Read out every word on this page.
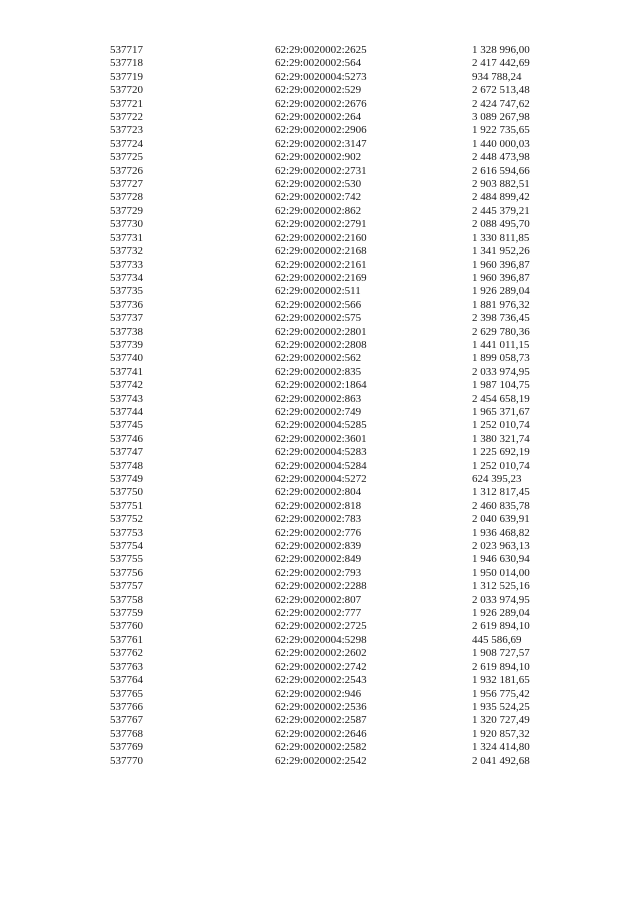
537717	62:29:0020002:2625	1 328 996,00
537718	62:29:0020002:564	2 417 442,69
537719	62:29:0020004:5273	934 788,24
537720	62:29:0020002:529	2 672 513,48
537721	62:29:0020002:2676	2 424 747,62
537722	62:29:0020002:264	3 089 267,98
537723	62:29:0020002:2906	1 922 735,65
537724	62:29:0020002:3147	1 440 000,03
537725	62:29:0020002:902	2 448 473,98
537726	62:29:0020002:2731	2 616 594,66
537727	62:29:0020002:530	2 903 882,51
537728	62:29:0020002:742	2 484 899,42
537729	62:29:0020002:862	2 445 379,21
537730	62:29:0020002:2791	2 088 495,70
537731	62:29:0020002:2160	1 330 811,85
537732	62:29:0020002:2168	1 341 952,26
537733	62:29:0020002:2161	1 960 396,87
537734	62:29:0020002:2169	1 960 396,87
537735	62:29:0020002:511	1 926 289,04
537736	62:29:0020002:566	1 881 976,32
537737	62:29:0020002:575	2 398 736,45
537738	62:29:0020002:2801	2 629 780,36
537739	62:29:0020002:2808	1 441 011,15
537740	62:29:0020002:562	1 899 058,73
537741	62:29:0020002:835	2 033 974,95
537742	62:29:0020002:1864	1 987 104,75
537743	62:29:0020002:863	2 454 658,19
537744	62:29:0020002:749	1 965 371,67
537745	62:29:0020004:5285	1 252 010,74
537746	62:29:0020002:3601	1 380 321,74
537747	62:29:0020004:5283	1 225 692,19
537748	62:29:0020004:5284	1 252 010,74
537749	62:29:0020004:5272	624 395,23
537750	62:29:0020002:804	1 312 817,45
537751	62:29:0020002:818	2 460 835,78
537752	62:29:0020002:783	2 040 639,91
537753	62:29:0020002:776	1 936 468,82
537754	62:29:0020002:839	2 023 963,13
537755	62:29:0020002:849	1 946 630,94
537756	62:29:0020002:793	1 950 014,00
537757	62:29:0020002:2288	1 312 525,16
537758	62:29:0020002:807	2 033 974,95
537759	62:29:0020002:777	1 926 289,04
537760	62:29:0020002:2725	2 619 894,10
537761	62:29:0020004:5298	445 586,69
537762	62:29:0020002:2602	1 908 727,57
537763	62:29:0020002:2742	2 619 894,10
537764	62:29:0020002:2543	1 932 181,65
537765	62:29:0020002:946	1 956 775,42
537766	62:29:0020002:2536	1 935 524,25
537767	62:29:0020002:2587	1 320 727,49
537768	62:29:0020002:2646	1 920 857,32
537769	62:29:0020002:2582	1 324 414,80
537770	62:29:0020002:2542	2 041 492,68
